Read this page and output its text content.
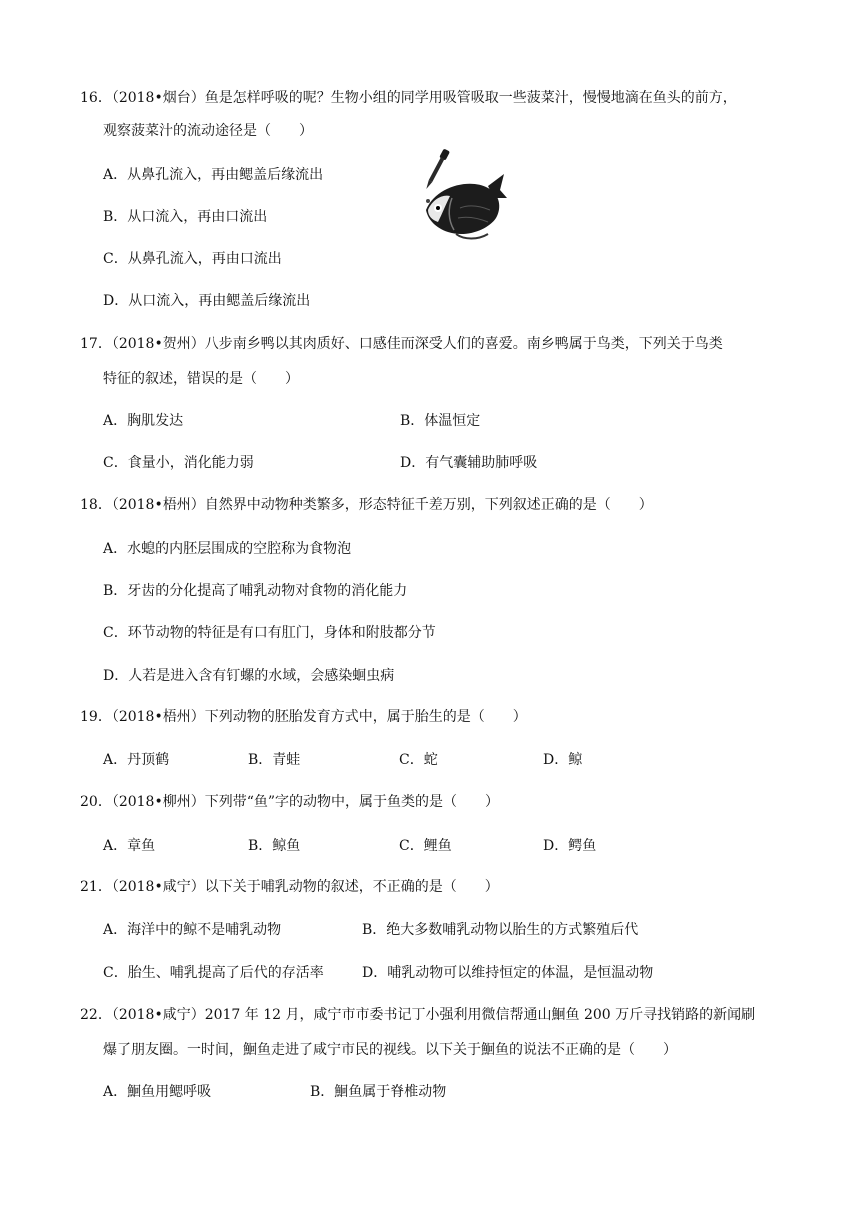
16．（2018•烟台）鱼是怎样呼吸的呢？生物小组的同学用吸管吸取一些菠菜汁，慢慢地滴在鱼头的前方，
观察菠菜汁的流动途径是（　　）
A．从鼻孔流入，再由鳃盖后缘流出
B．从口流入，再由口流出
C．从鼻孔流入，再由口流出
D．从口流入，再由鳃盖后缘流出
17．（2018•贺州）八步南乡鸭以其肉质好、口感佳而深受人们的喜爱。南乡鸭属于鸟类，下列关于鸟类
特征的叙述，错误的是（　　）
A．胸肌发达	B．体温恒定
C．食量小，消化能力弱	D．有气囊辅助肺呼吸
18．（2018•梧州）自然界中动物种类繁多，形态特征千差万别，下列叙述正确的是（　　）
A．水螅的内胚层围成的空腔称为食物泡
B．牙齿的分化提高了哺乳动物对食物的消化能力
C．环节动物的特征是有口有肛门，身体和附肢都分节
D．人若是进入含有钉螺的水域，会感染蛔虫病
19．（2018•梧州）下列动物的胚胎发育方式中，属于胎生的是（　　）
A．丹顶鹤	B．青蛙	C．蛇	D．鲸
20．（2018•柳州）下列带“鱼”字的动物中，属于鱼类的是（　　）
A．章鱼	B．鲸鱼	C．鲤鱼	D．鳄鱼
21．（2018•咸宁）以下关于哺乳动物的叙述，不正确的是（　　）
A．海洋中的鲸不是哺乳动物	B．绝大多数哺乳动物以胎生的方式繁殖后代
C．胎生、哺乳提高了后代的存活率	D．哺乳动物可以维持恒定的体温，是恒温动物
22．（2018•咸宁）2017 年 12 月，咸宁市市委书记丁小强利用微信帮通山鮰鱼 200 万斤寻找销路的新闻刷
爆了朋友圈。一时间，鮰鱼走进了咸宁市民的视线。以下关于鮰鱼的说法不正确的是（　　）
A．鮰鱼用鳃呼吸	B．鮰鱼属于脊椎动物
